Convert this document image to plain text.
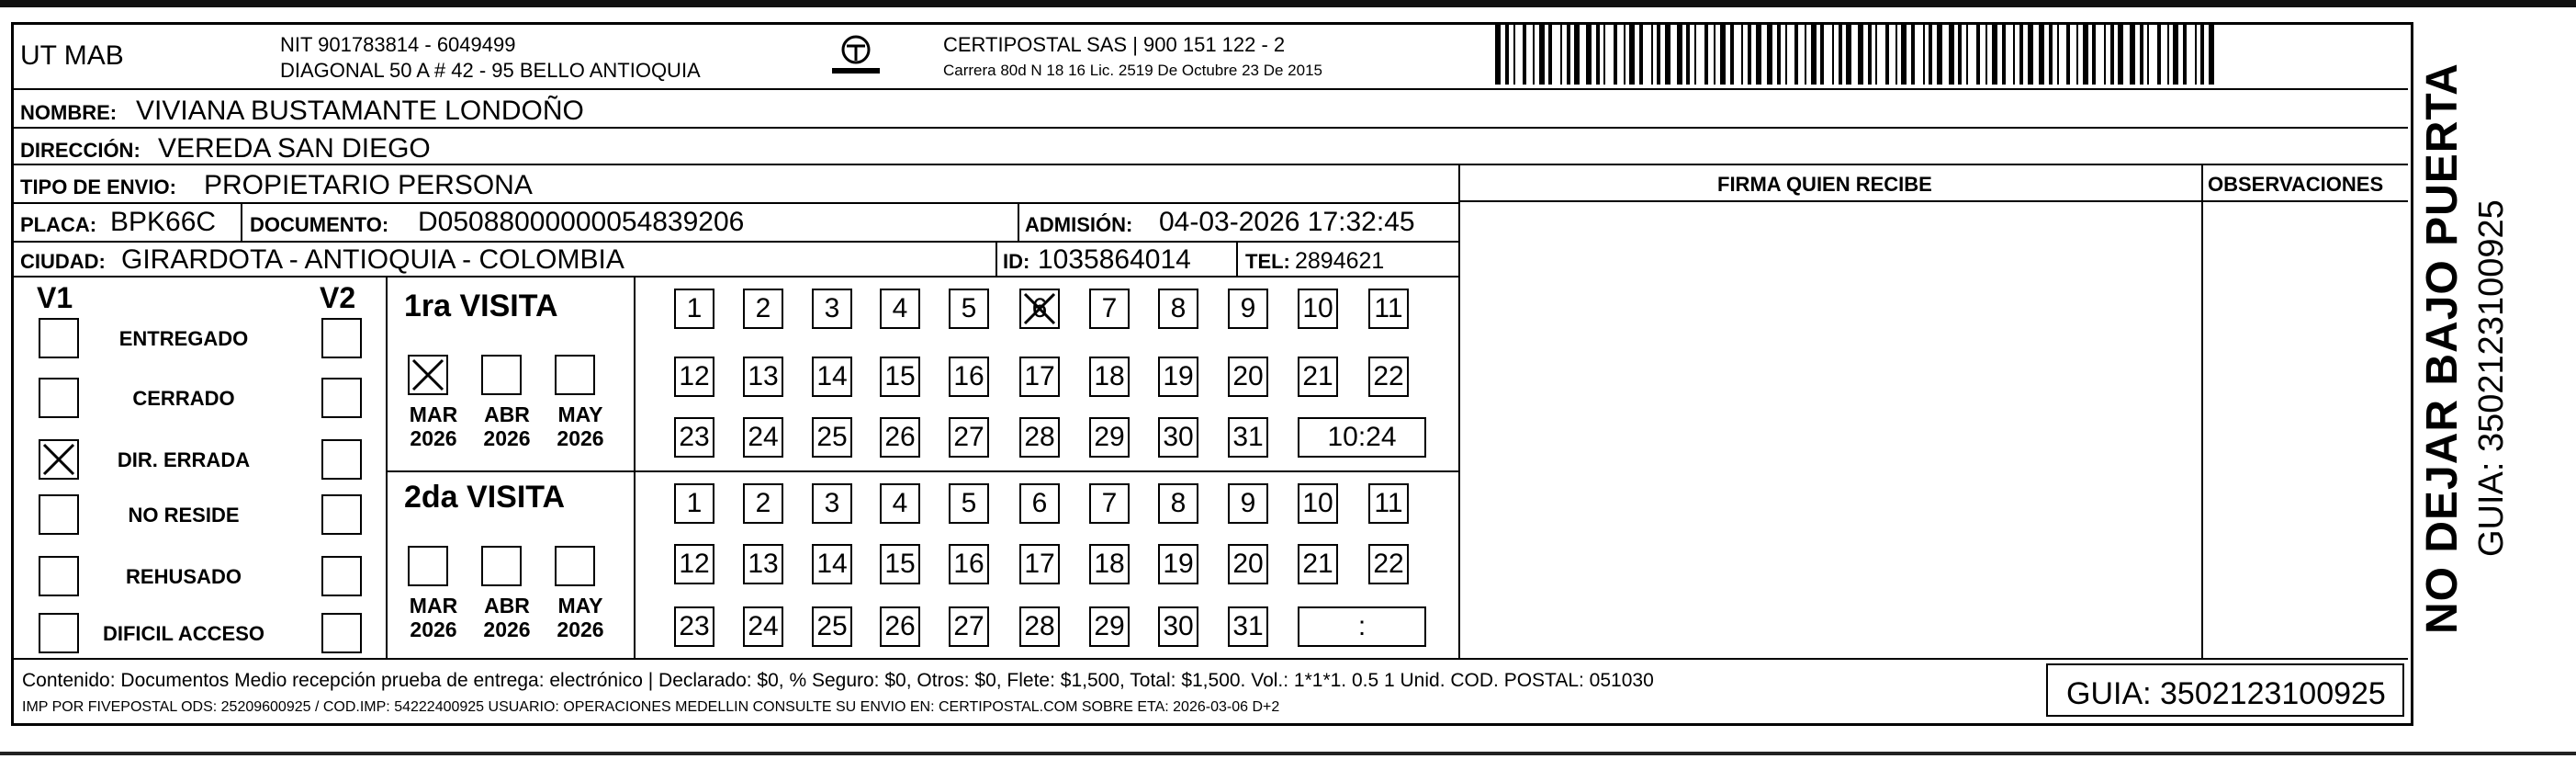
UT MAB	NIT 901783814 - 6049499
DIAGONAL 50 A # 42 - 95 BELLO ANTIOQUIA
CERTIPOSTAL SAS | 900 151 122 - 2
Carrera 80d N 18 16 Lic. 2519 De Octubre 23 De 2015
NOMBRE: VIVIANA BUSTAMANTE LONDOÑO
DIRECCIÓN: VEREDA SAN DIEGO
TIPO DE ENVIO: PROPIETARIO PERSONA
PLACA: BPK66C DOCUMENTO: D05088000000054839206	ADMISIÓN: 04-03-2026 17:32:45
CIUDAD: GIRARDOTA - ANTIOQUIA - COLOMBIA	ID: 1035864014	TEL: 2894621
FIRMA QUIEN RECIBE	OBSERVACIONES
V1	V2
ENTREGADO
CERRADO
DIR. ERRADA
NO RESIDE
REHUSADO
DIFICIL ACCESO
1ra VISITA
MAR
2026
ABR
2026
MAY
2026
1 2 3 4 5 6 7 8 9 10 11
12 13 14 15 16 17 18 19 20 21 22
23 24 25 26 27 28 29 30 31 10:24
2da VISITA
MAR
2026
ABR
2026
MAY
2026
1 2 3 4 5 6 7 8 9 10 11
12 13 14 15 16 17 18 19 20 21 22
23 24 25 26 27 28 29 30 31	:
Contenido: Documentos Medio recepción prueba de entrega: electrónico | Declarado: $0, % Seguro: $0, Otros: $0, Flete: $1,500, Total: $1,500. Vol.: 1*1*1. 0.5 1 Unid. COD. POSTAL: 051030
IMP POR FIVEPOSTAL ODS: 25209600925 / COD.IMP: 54222400925 USUARIO: OPERACIONES MEDELLIN CONSULTE SU ENVIO EN: CERTIPOSTAL.COM SOBRE ETA: 2026-03-06 D+2	GUIA: 3502123100925
NO DEJAR BAJO PUERTA GUIA: 3502123100925
